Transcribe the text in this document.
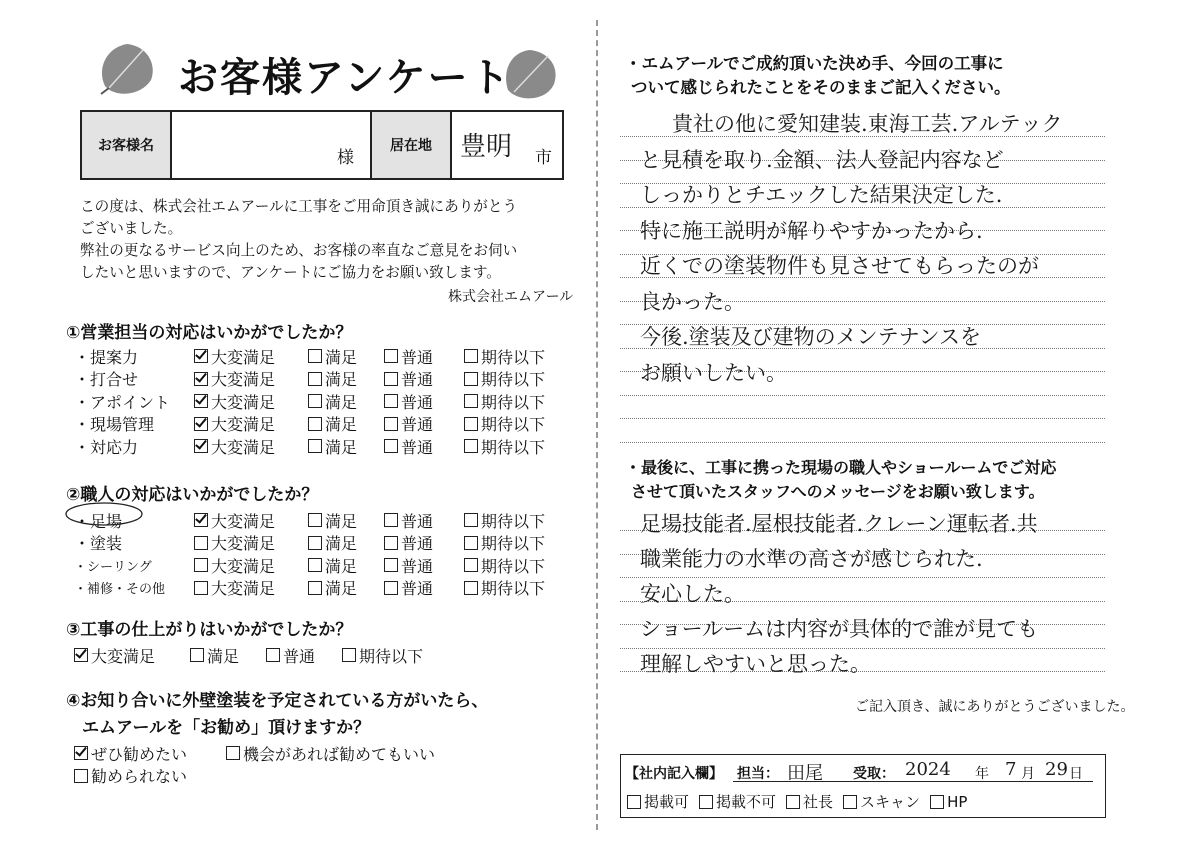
お客様アンケート
お客様名
様
居在地	豊明 市
この度は、株式会社エムアールに工事をご用命頂き誠にありがとう
ございました。
弊社の更なるサービス向上のため、お客様の率直なご意見をお伺い
したいと思いますので、アンケートにご協力をお願い致します。
株式会社エムアール
①営業担当の対応はいかがでしたか？
・提案力	大変満足	満足	普通	期待以下
・打合せ	大変満足	満足	普通	期待以下
・アポイント	大変満足	満足	普通	期待以下
・現場管理	大変満足	満足	普通	期待以下
・対応力	大変満足	満足	普通	期待以下
②職人の対応はいかがでしたか？
・足場	大変満足	満足	普通	期待以下
・塗装	大変満足	満足	普通	期待以下
・シーリング	大変満足	満足	普通	期待以下
・補修・その他	大変満足	満足	普通	期待以下
③工事の仕上がりはいかがでしたか？
大変満足	満足	普通	期待以下
④お知り合いに外壁塗装を予定されている方がいたら、
エムアールを「お勧め」頂けますか？
ぜひ勧めたい	機会があれば勧めてもいい
勧められない
・エムアールでご成約頂いた決め手、今回の工事に
ついて感じられたことをそのままご記入ください。
貴社の他に愛知建装.東海工芸.アルテック
と見積を取り.金額、法人登記内容など
しっかりとチエックした結果決定した.
特に施工説明が解りやすかったから.
近くでの塗装物件も見させてもらったのが
良かった。
今後.塗装及び建物のメンテナンスを
お願いしたい。
・最後に、工事に携った現場の職人やショールームでご対応
させて頂いたスタッフへのメッセージをお願い致します。
足場技能者.屋根技能者.クレーン運転者.共
職業能力の水準の高さが感じられた.
安心した。
ショールームは内容が具体的で誰が見ても
理解しやすいと思った。
ご記入頂き、誠にありがとうございました。
【社内記入欄】 担当： 田尾 受取： 2024 年 7 月 29 日
掲載可 掲載不可 社長 スキャン HP
